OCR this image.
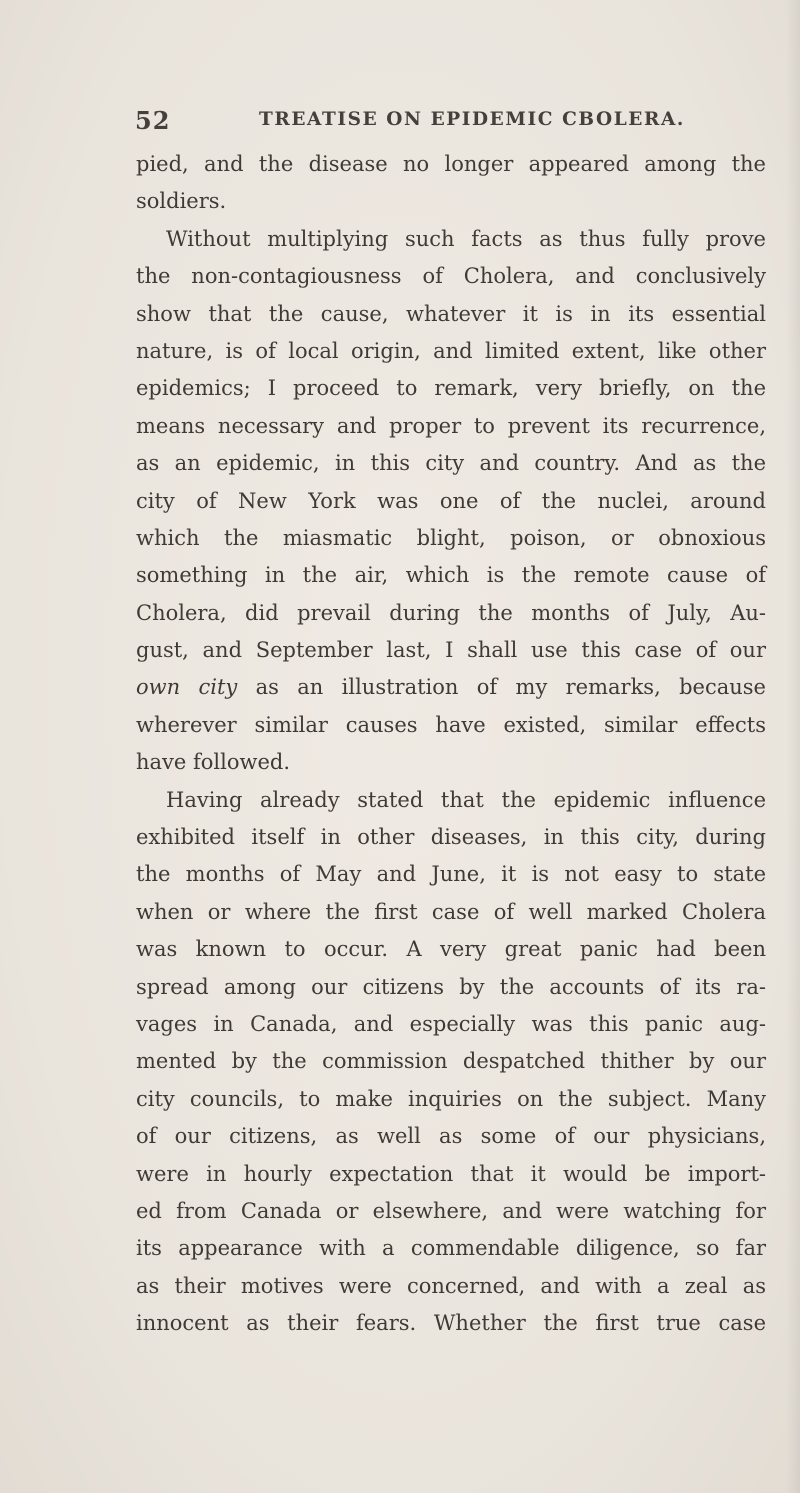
52	TREATISE ON EPIDEMIC CBOLERA.
pied, and the disease no longer appeared among the
soldiers.
Without multiplying such facts as thus fully prove
the non-contagiousness of Cholera, and conclusively
show that the cause, whatever it is in its essential
nature, is of local origin, and limited extent, like other
epidemics; I proceed to remark, very briefly, on the
means necessary and proper to prevent its recurrence,
as an epidemic, in this city and country. And as the
city of New York was one of the nuclei, around
which the miasmatic blight, poison, or obnoxious
something in the air, which is the remote cause of
Cholera, did prevail during the months of July, Au-
gust, and September last, I shall use this case of our
own city as an illustration of my remarks, because
wherever similar causes have existed, similar effects
have followed.
Having already stated that the epidemic influence
exhibited itself in other diseases, in this city, during
the months of May and June, it is not easy to state
when or where the first case of well marked Cholera
was known to occur. A very great panic had been
spread among our citizens by the accounts of its ra-
vages in Canada, and especially was this panic aug-
mented by the commission despatched thither by our
city councils, to make inquiries on the subject. Many
of our citizens, as well as some of our physicians,
were in hourly expectation that it would be import-
ed from Canada or elsewhere, and were watching for
its appearance with a commendable diligence, so far
as their motives were concerned, and with a zeal as
innocent as their fears. Whether the first true case
